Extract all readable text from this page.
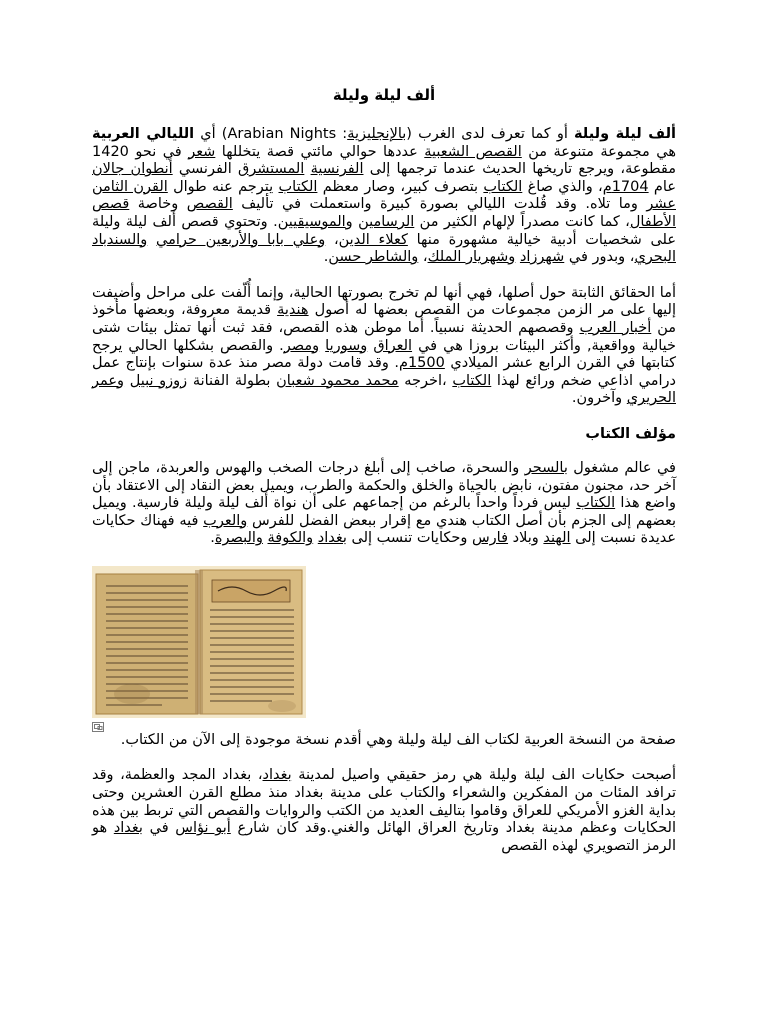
ألف ليلة وليلة
ألف ليلة وليلة أو كما تعرف لدى الغرب (بالإنجليزية: Arabian Nights) أي الليالي العربية هي مجموعة متنوعة من القصص الشعبية عددها حوالي مائتي قصة يتخللها شعر في نحو 1420 مقطوعة، ويرجع تاريخها الحديث عندما ترجمها إلى الفرنسية المستشرق الفرنسي أنطوان جالان عام 1704م، والذي صاغ الكتاب بتصرف كبير، وصار معظم الكتاب يترجم عنه طوال القرن الثامن عشر وما تلاه. وقد قُلدت الليالي بصورة كبيرة واستعملت في تأليف القصص وخاصة قصص الأطفال، كما كانت مصدراً لإلهام الكثير من الرسامين والموسيقيين. وتحتوي قصص ألف ليلة وليلة على شخصيات أدبية خيالية مشهورة منها كعلاء الدين، وعلي بابا والأربعين حرامي والسندباد البحري، وبدور في شهرزاد وشهريار الملك، والشاطر حسن.
أما الحقائق الثابتة حول أصلها، فهي أنها لم تخرج بصورتها الحالية، وإنما أُلّفت على مراحل وأضيفت إليها على مر الزمن مجموعات من القصص بعضها له أصول هندية قديمة معروفة، وبعضها مأخوذ من أخبار العرب وقصصهم الحديثة نسبياً. أما موطن هذه القصص، فقد ثبت أنها تمثل بيئات شتى خيالية وواقعية, وأكثر البيئات بروزا هي في العراق وسوريا ومصر. والقصص بشكلها الحالي يرجح كتابتها في القرن الرابع عشر الميلادي 1500م. وقد قامت دولة مصر منذ عدة سنوات بإنتاج عمل درامي اذاعي ضخم ورائع لهذا الكتاب ،اخرجه محمد محمود شعبان بطولة الفنانة زوزو نبيل وعمر الحريري وآخرون.
مؤلف الكتاب
في عالم مشغول بالسحر والسحرة، صاخب إلى أبلغ درجات الصخب والهوس والعربدة، ماجن إلى آخر حد، مجنون مفتون، نابض بالحياة والخلق والحكمة والطرب، ويميل بعض النقاد إلى الاعتقاد بأن واضع هذا الكتاب ليس فرداً واحداً بالرغم من إجماعهم على أن نواة ألف ليلة وليلة فارسية. ويميل بعضهم إلى الجزم بأن أصل الكتاب هندي مع إقرار ببعض الفضل للفرس والعرب فيه فهناك حكايات عديدة نسبت إلى الهند وبلاد فارس وحكايات تنسب إلى بغداد والكوفة والبصرة.
صفحة من النسخة العربية لكتاب الف ليلة وليلة وهي أقدم نسخة موجودة إلى الآن من الكتاب.
أصبحت حكايات الف ليلة وليلة هي رمز حقيقي واصيل لمدينة بغداد، بغداد المجد والعظمة، وقد ترافد المئات من المفكرين والشعراء والكتاب على مدينة بغداد منذ مطلع القرن العشرين وحتى بداية الغزو الأمريكي للعراق وقاموا بتاليف العديد من الكتب والروايات والقصص التي تربط بين هذه الحكايات وعظم مدينة بغداد وتاريخ العراق الهائل والغني.وقد كان شارع أبو نؤاس في بغداد هو الرمز التصويري لهذه القصص
